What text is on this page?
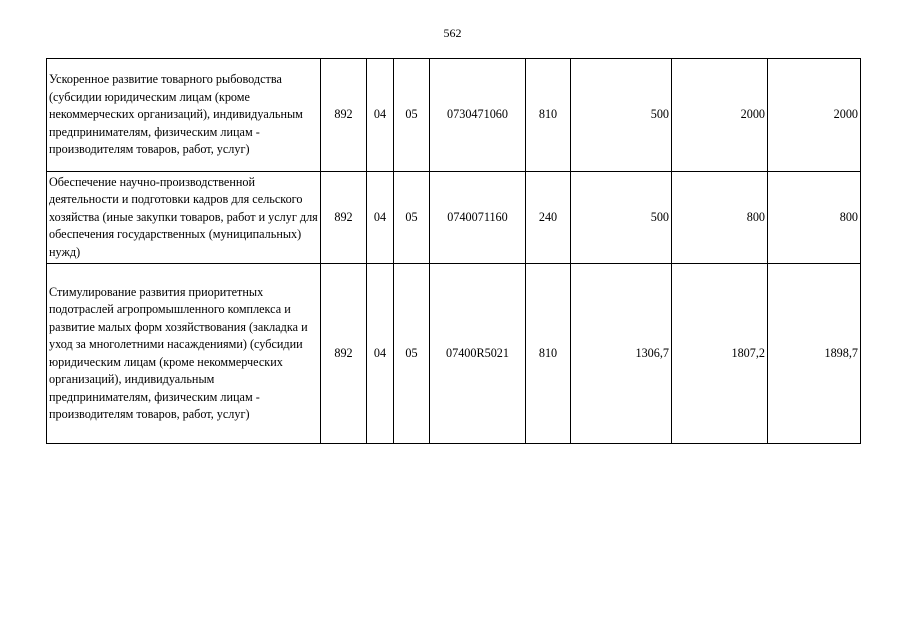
562
Ускоренное развитие товарного рыбоводства (субсидии юридическим лицам (кроме некоммерческих организаций), индивидуальным предпринимателям, физическим лицам - производителям товаров, работ, услуг)	892	04	05	0730471060	810	500	2000	2000
Обеспечение научно-производственной деятельности и подготовки кадров для сельского хозяйства (иные закупки товаров, работ и услуг для обеспечения государственных (муниципальных) нужд)	892	04	05	0740071160	240	500	800	800
Стимулирование развития приоритетных подотраслей агропромышленного комплекса и развитие малых форм хозяйствования (закладка и уход за многолетними насаждениями) (субсидии юридическим лицам (кроме некоммерческих организаций), индивидуальным предпринимателям, физическим лицам - производителям товаров, работ, услуг)	892	04	05	07400R5021	810	1306,7	1807,2	1898,7
